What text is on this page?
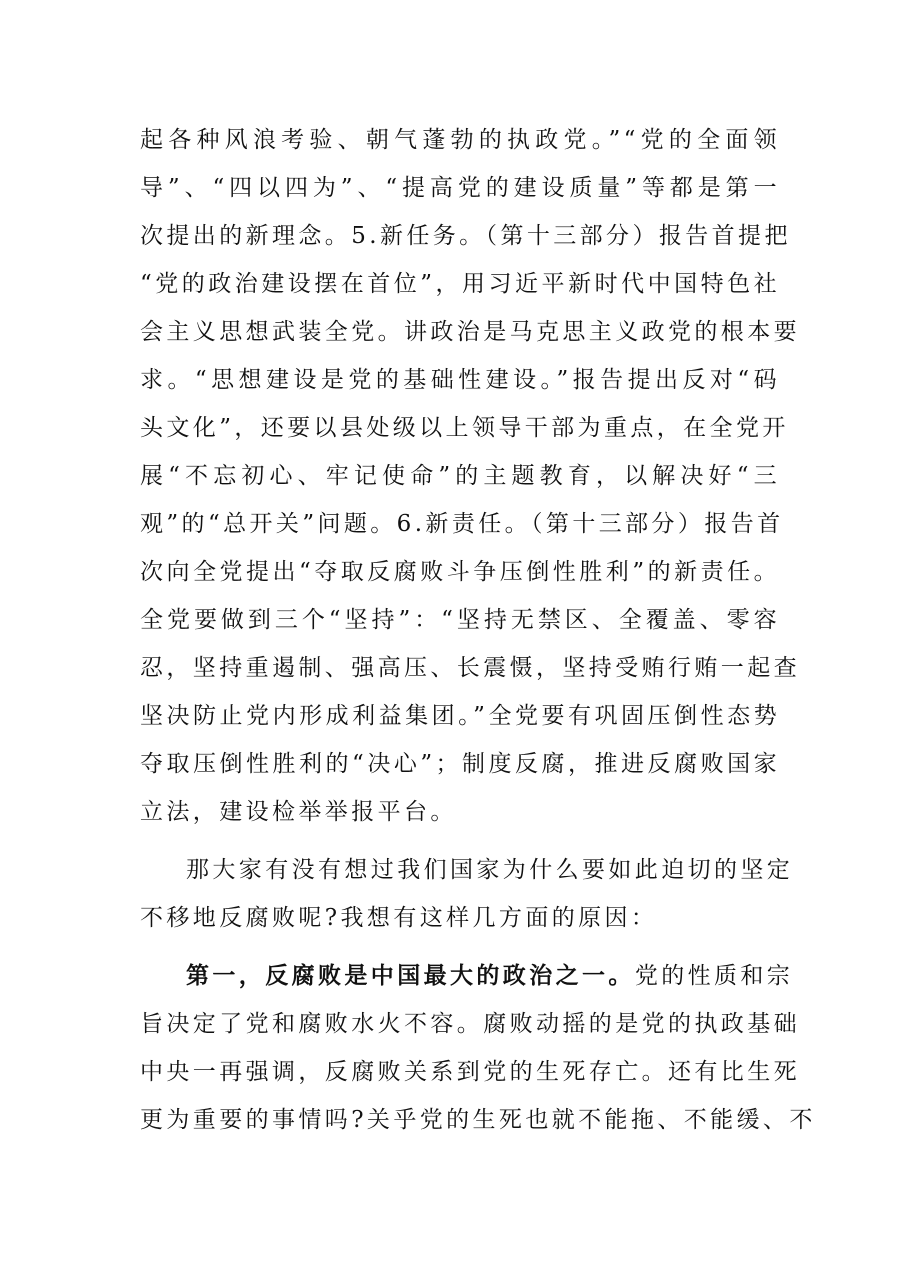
起各种风浪考验、朝气蓬勃的执政党。”“党的全面领
导”、“四以四为”、“提高党的建设质量”等都是第一
次提出的新理念。5.新任务。（第十三部分）报告首提把
“党的政治建设摆在首位”，用习近平新时代中国特色社
会主义思想武装全党。讲政治是马克思主义政党的根本要
求。“思想建设是党的基础性建设。”报告提出反对“码
头文化”，还要以县处级以上领导干部为重点，在全党开
展“不忘初心、牢记使命”的主题教育，以解决好“三
观”的“总开关”问题。6.新责任。（第十三部分）报告首
次向全党提出“夺取反腐败斗争压倒性胜利”的新责任。
全党要做到三个“坚持”：“坚持无禁区、全覆盖、零容
忍，坚持重遏制、强高压、长震慑，坚持受贿行贿一起查
坚决防止党内形成利益集团。”全党要有巩固压倒性态势
夺取压倒性胜利的“决心”；制度反腐，推进反腐败国家
立法，建设检举举报平台。
那大家有没有想过我们国家为什么要如此迫切的坚定
不移地反腐败呢?我想有这样几方面的原因：
第一，反腐败是中国最大的政治之一。党的性质和宗
旨决定了党和腐败水火不容。腐败动摇的是党的执政基础
中央一再强调，反腐败关系到党的生死存亡。还有比生死
更为重要的事情吗?关乎党的生死也就不能拖、不能缓、不
